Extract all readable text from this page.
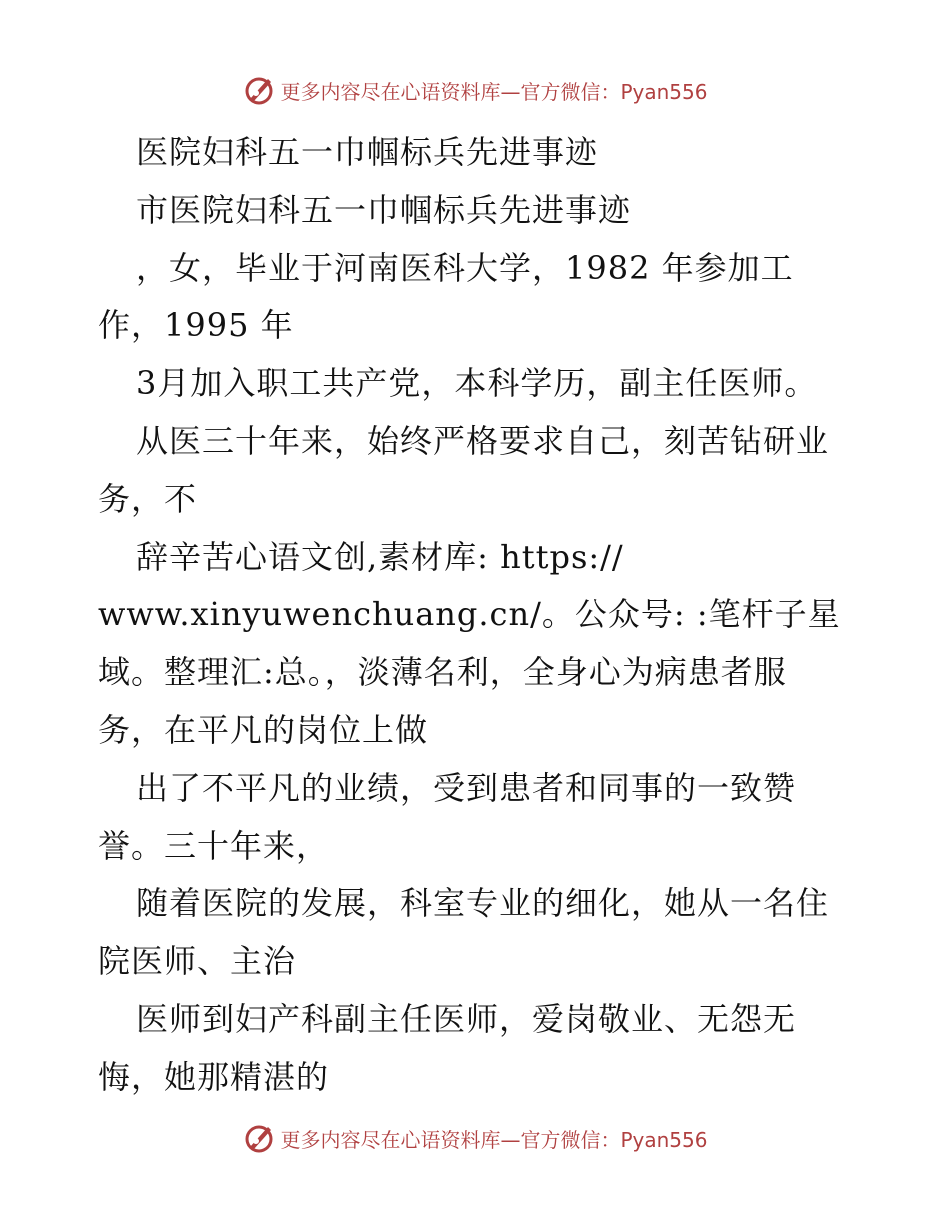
更多内容尽在心语资料库—官方微信：Pyan556
医院妇科五一巾帼标兵先进事迹
市医院妇科五一巾帼标兵先进事迹
，女，毕业于河南医科大学，1982 年参加工
作，1995 年
3月加入职工共产党，本科学历，副主任医师。
从医三十年来，始终严格要求自己，刻苦钻研业
务，不
辞辛苦心语文创,素材库: https://
www.xinyuwenchuang.cn/。公众号: :笔杆子星
域。整理汇:总。，淡薄名利，全身心为病患者服
务，在平凡的岗位上做
出了不平凡的业绩，受到患者和同事的一致赞
誉。三十年来，
随着医院的发展，科室专业的细化，她从一名住
院医师、主治
医师到妇产科副主任医师，爱岗敬业、无怨无
悔，她那精湛的
更多内容尽在心语资料库—官方微信：Pyan556
